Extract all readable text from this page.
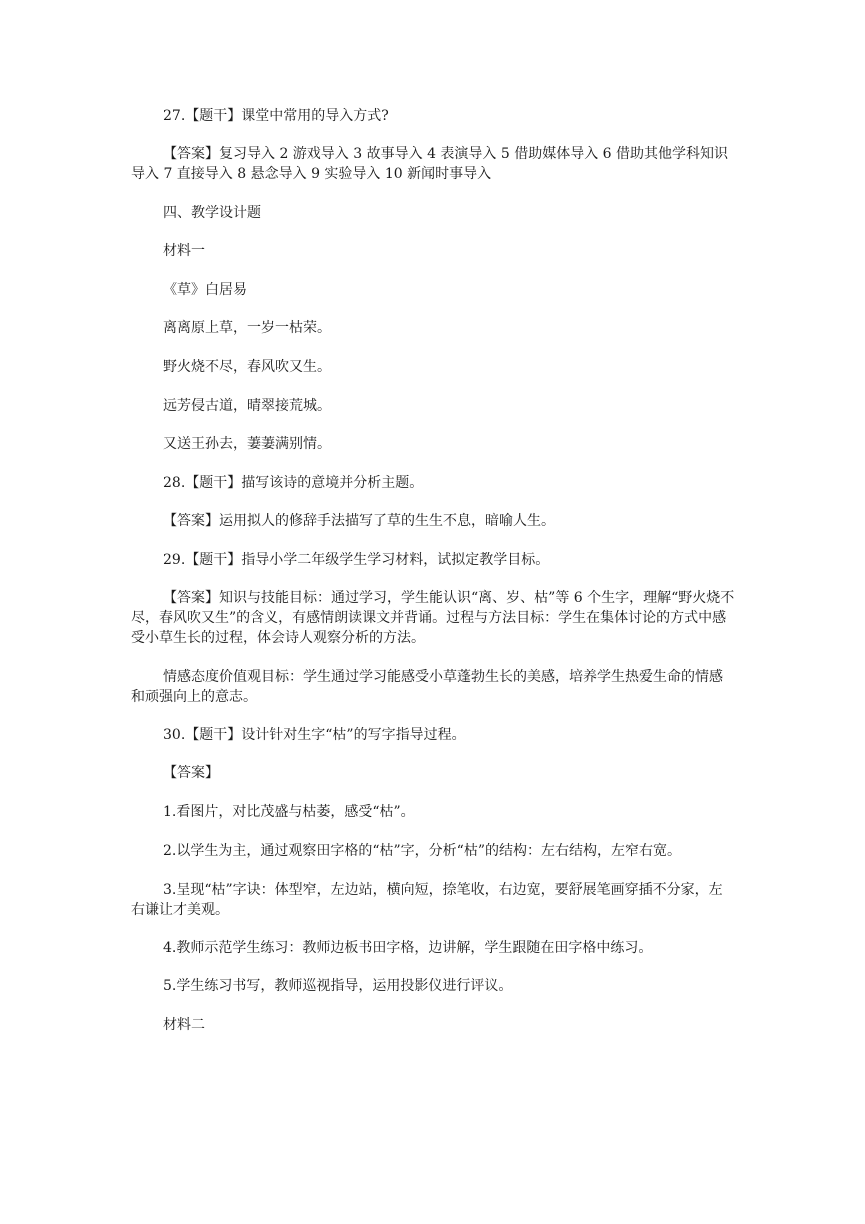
27.【题干】课堂中常用的导入方式?

【答案】复习导入 2 游戏导入 3 故事导入 4 表演导入 5 借助媒体导入 6 借助其他学科知识导入 7 直接导入 8 悬念导入 9 实验导入 10 新闻时事导入

四、教学设计题

材料一

《草》白居易

离离原上草，一岁一枯荣。

野火烧不尽，春风吹又生。

远芳侵古道，晴翠接荒城。

又送王孙去，萋萋满别情。

28.【题干】描写该诗的意境并分析主题。

【答案】运用拟人的修辞手法描写了草的生生不息，暗喻人生。

29.【题干】指导小学二年级学生学习材料，试拟定教学目标。

【答案】知识与技能目标：通过学习，学生能认识“离、岁、枯”等 6 个生字，理解“野火烧不尽，春风吹又生”的含义，有感情朗读课文并背诵。过程与方法目标：学生在集体讨论的方式中感受小草生长的过程，体会诗人观察分析的方法。

情感态度价值观目标：学生通过学习能感受小草蓬勃生长的美感，培养学生热爱生命的情感和顽强向上的意志。

30.【题干】设计针对生字“枯”的写字指导过程。

【答案】

1.看图片，对比茂盛与枯萎，感受“枯”。

2.以学生为主，通过观察田字格的“枯”字，分析“枯”的结构：左右结构，左窄右宽。

3.呈现“枯”字诀：体型窄，左边站，横向短，捺笔收，右边宽，要舒展笔画穿插不分家，左右谦让才美观。

4.教师示范学生练习：教师边板书田字格，边讲解，学生跟随在田字格中练习。

5.学生练习书写，教师巡视指导，运用投影仪进行评议。

材料二
